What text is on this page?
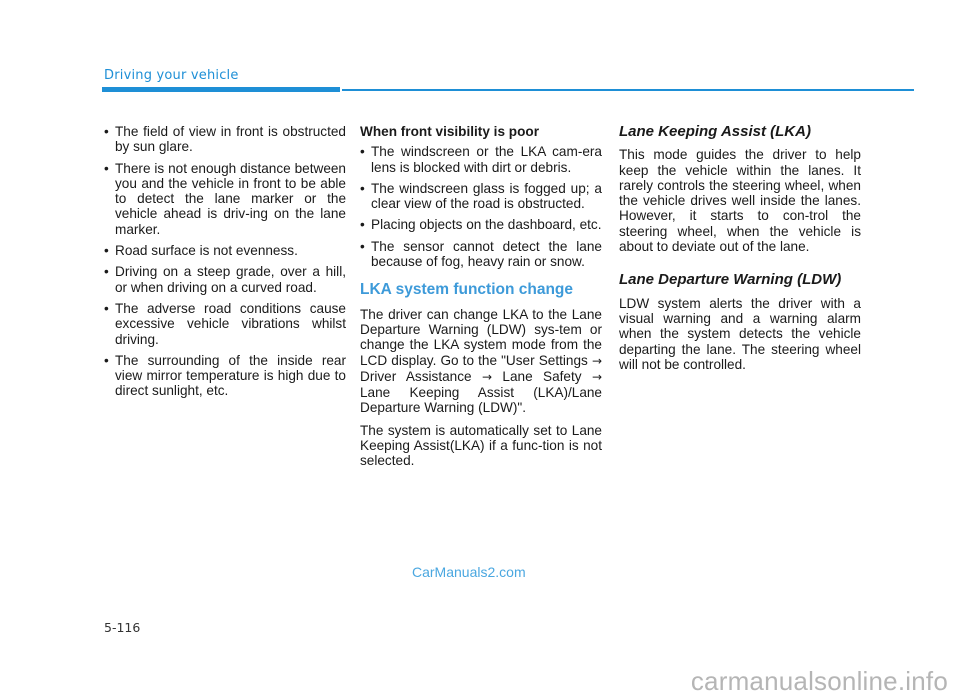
Driving your vehicle
• The field of view in front is obstructed by sun glare.
• There is not enough distance between you and the vehicle in front to be able to detect the lane marker or the vehicle ahead is driv-ing on the lane marker.
• Road surface is not evenness.
• Driving on a steep grade, over a hill, or when driving on a curved road.
• The adverse road conditions cause excessive vehicle vibrations whilst driving.
• The surrounding of the inside rear view mirror temperature is high due to direct sunlight, etc.
When front visibility is poor
• The windscreen or the LKA cam-era lens is blocked with dirt or debris.
• The windscreen glass is fogged up; a clear view of the road is obstructed.
• Placing objects on the dashboard, etc.
• The sensor cannot detect the lane because of fog, heavy rain or snow.
LKA system function change

The driver can change LKA to the Lane Departure Warning (LDW) sys-tem or change the LKA system mode from the LCD display. Go to the "User Settings → Driver Assistance → Lane Safety → Lane Keeping Assist (LKA)/Lane Departure Warning (LDW)".

The system is automatically set to Lane Keeping Assist(LKA) if a func-tion is not selected.

Lane Keeping Assist (LKA)

This mode guides the driver to help keep the vehicle within the lanes. It rarely controls the steering wheel, when the vehicle drives well inside the lanes. However, it starts to con-trol the steering wheel, when the vehicle is about to deviate out of the lane.

Lane Departure Warning (LDW)

LDW system alerts the driver with a visual warning and a warning alarm when the system detects the vehicle departing the lane. The steering wheel will not be controlled.

CarManuals2.com
5-116
carmanualsonline.info
